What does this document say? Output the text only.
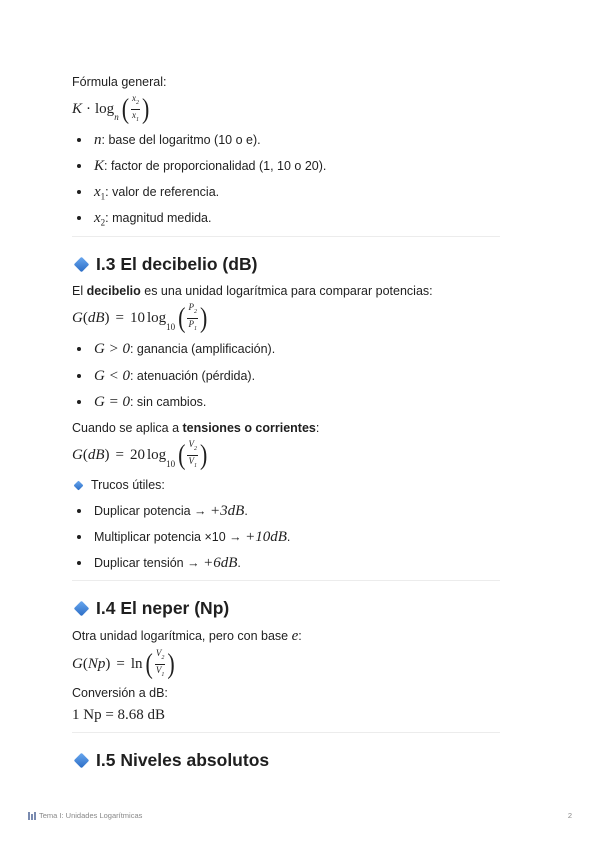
Fórmula general:
K · log
$_n$ ( $\frac{x_2}{x_1}$ )
n: base del logaritmo (10 o e).
K: factor de proporcionalidad (1, 10 o 20).
$x_1$: valor de referencia.
$x_2$: magnitud medida.
I.3 El decibelio (dB)
El decibelio es una unidad logarítmica para comparar potencias:
G ( dB ) = 10 log
$_{10}$ ( $\frac{P_2}{P_1}$ )
G > 0: ganancia (amplificación).
G < 0: atenuación (pérdida).
G = 0: sin cambios.
Cuando se aplica a tensiones o corrientes:
G ( dB ) = 20 log
$_{10}$ ( $\frac{V_2}{V_1}$ )
Trucos útiles:
Duplicar potencia → +3dB.
Multiplicar potencia ×10 → +10dB.
Duplicar tensión → +6dB.
I.4 El neper (Np)
Otra unidad logarítmica, pero con base e:
G ( Np ) = ln ( $\frac{V_2}{V_1}$ )
Conversión a dB:
1 Np = 8.68 dB
I.5 Niveles absolutos
Tema I: Unidades Logarítmicas	2
